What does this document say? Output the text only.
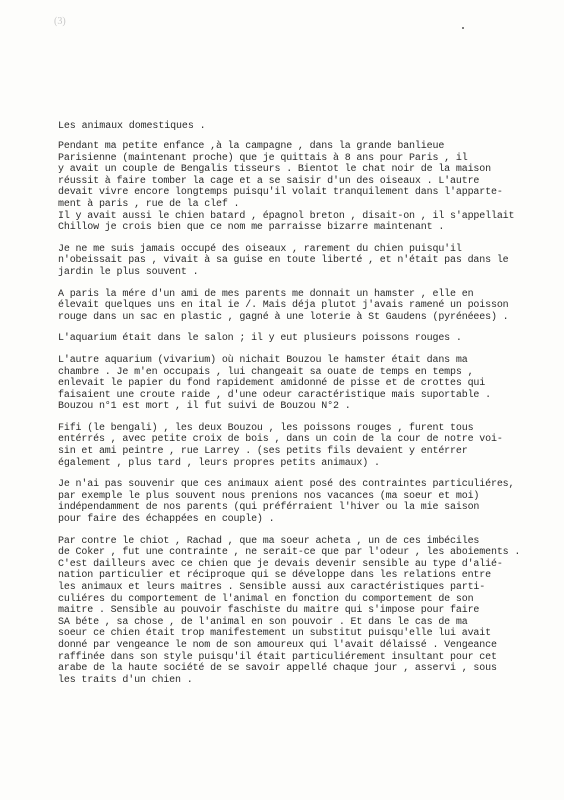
(3)

Les animaux domestiques .

Pendant ma petite enfance ,à la campagne , dans la grande banlieue
Parisienne (maintenant proche) que je quittais à 8 ans pour Paris , il
y avait un couple de Bengalis tisseurs . Bientot le chat noir de la maison
réussit à faire tomber la cage et a se saisir d'un des oiseaux . L'autre
devait vivre encore longtemps puisqu'il volait tranquilement dans l'apparte-
ment à paris , rue de la clef .
Il y avait aussi le chien batard , épagnol breton , disait-on , il s'appellait
Chillow je crois bien que ce nom me parraisse bizarre maintenant .

Je ne me suis jamais occupé des oiseaux , rarement du chien puisqu'il
n'obeissait pas , vivait à sa guise en toute liberté , et n'était pas dans le
jardin le plus souvent .

A paris la mére d'un ami de mes parents me donnait un hamster , elle en
élevait quelques uns en ital ie /. Mais déja plutot j'avais ramené un poisson
rouge dans un sac en plastic , gagné à une loterie à St Gaudens (pyrénéees) .

L'aquarium était dans le salon ; il y eut plusieurs poissons rouges .

L'autre aquarium (vivarium) où nichait Bouzou le hamster était dans ma
chambre . Je m'en occupais , lui changeait sa ouate de temps en temps ,
enlevait le papier du fond rapidement amidonné de pisse et de crottes qui
faisaient une croute raide , d'une odeur caractéristique mais suportable .
Bouzou n°1 est mort , il fut suivi de Bouzou N°2 .

Fifi (le bengali) , les deux Bouzou , les poissons rouges , furent tous
entérrés , avec petite croix de bois , dans un coin de la cour de notre voi-
sin et ami peintre , rue Larrey . (ses petits fils devaient y entérrer
également , plus tard , leurs propres petits animaux) .

Je n'ai pas souvenir que ces animaux aient posé des contraintes particuliéres,
par exemple le plus souvent nous prenions nos vacances (ma soeur et moi)
indépendamment de nos parents (qui préférraient l'hiver ou la mie saison
pour faire des échappées en couple) .

Par contre le chiot , Rachad , que ma soeur acheta , un de ces imbéciles
de Coker , fut une contrainte , ne serait-ce que par l'odeur , les aboiements .
C'est dailleurs avec ce chien que je devais devenir sensible au type d'alié-
nation particulier et réciproque qui se développe dans les relations entre
les animaux et leurs maitres . Sensible aussi aux caractéristiques parti-
culiéres du comportement de l'animal en fonction du comportement de son
maitre . Sensible au pouvoir faschiste du maitre qui s'impose pour faire
SA béte , sa chose , de l'animal en son pouvoir . Et dans le cas de ma
soeur ce chien était trop manifestement un substitut puisqu'elle lui avait
donné par vengeance le nom de son amoureux qui l'avait délaissé . Vengeance
raffinée dans son style puisqu'il était particuliérement insultant pour cet
arabe de la haute société de se savoir appellé chaque jour , asservi , sous
les traits d'un chien .
